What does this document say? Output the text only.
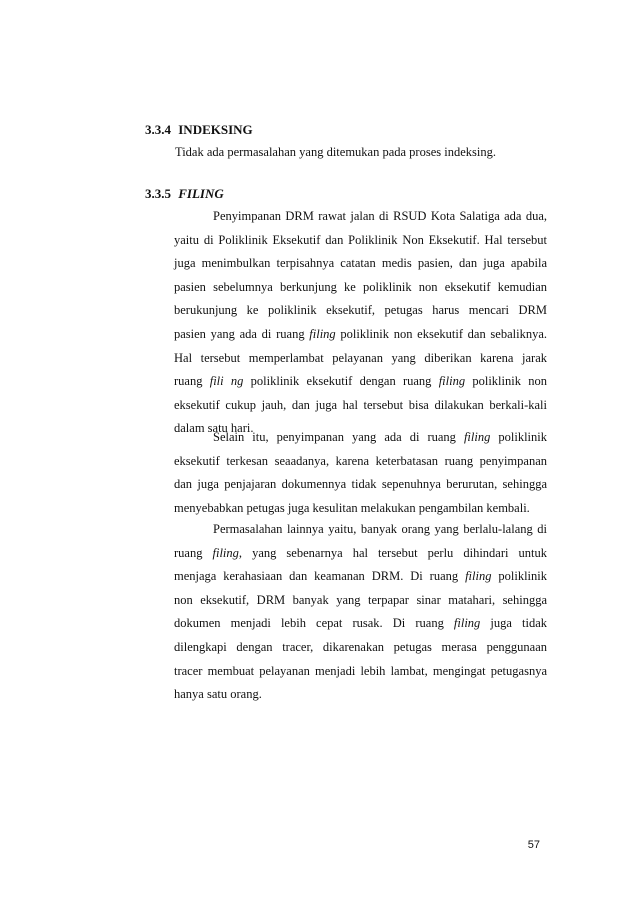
3.3.4 INDEKSING
Tidak ada permasalahan yang ditemukan pada proses indeksing.
3.3.5 FILING
Penyimpanan DRM rawat jalan di RSUD Kota Salatiga ada dua,
yaitu di Poliklinik Eksekutif dan Poliklinik Non Eksekutif. Hal tersebut
juga menimbulkan terpisahnya catatan medis pasien, dan juga apabila
pasien sebelumnya berkunjung ke poliklinik non eksekutif kemudian
berukunjung ke poliklinik eksekutif, petugas harus mencari DRM
pasien yang ada di ruang filing poliklinik non eksekutif dan sebaliknya.
Hal tersebut memperlambat pelayanan yang diberikan karena jarak
ruang fili ng poliklinik eksekutif dengan ruang filing poliklinik non
eksekutif cukup jauh, dan juga hal tersebut bisa dilakukan berkali-kali
dalam satu hari.
Selain itu, penyimpanan yang ada di ruang filing poliklinik
eksekutif terkesan seaadanya, karena keterbatasan ruang penyimpanan
dan juga penjajaran dokumennya tidak sepenuhnya berurutan, sehingga
menyebabkan petugas juga kesulitan melakukan pengambilan kembali.
Permasalahan lainnya yaitu, banyak orang yang berlalu-lalang di
ruang filing, yang sebenarnya hal tersebut perlu dihindari untuk
menjaga kerahasiaan dan keamanan DRM. Di ruang filing poliklinik
non eksekutif, DRM banyak yang terpapar sinar matahari, sehingga
dokumen menjadi lebih cepat rusak. Di ruang filing juga tidak
dilengkapi dengan tracer, dikarenakan petugas merasa penggunaan
tracer membuat pelayanan menjadi lebih lambat, mengingat petugasnya
hanya satu orang.
57
